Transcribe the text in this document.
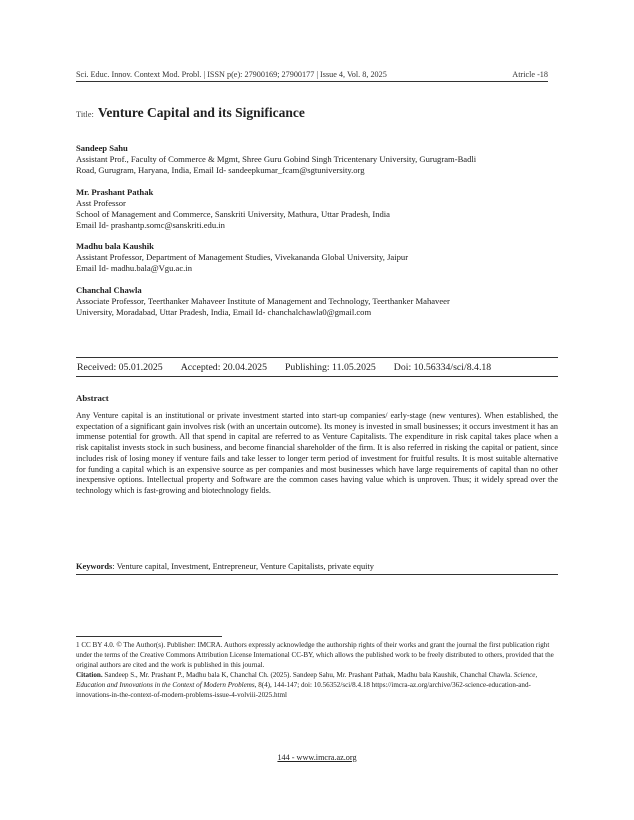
Sci. Educ. Innov. Context Mod. Probl. | ISSN p(e): 27900169; 27900177 | Issue 4, Vol. 8, 2025	Atricle -18
Title: Venture Capital and its Significance
Sandeep Sahu
Assistant Prof., Faculty of Commerce & Mgmt, Shree Guru Gobind Singh Tricentenary University, Gurugram-Badli
Road, Gurugram, Haryana, India, Email Id- sandeepkumar_fcam@sgtuniversity.org
Mr. Prashant Pathak
Asst Professor
School of Management and Commerce, Sanskriti University, Mathura, Uttar Pradesh, India
Email Id- prashantp.somc@sanskriti.edu.in
Madhu bala Kaushik
Assistant Professor, Department of Management Studies, Vivekananda Global University, Jaipur
Email Id- madhu.bala@Vgu.ac.in
Chanchal Chawla
Associate Professor, Teerthanker Mahaveer Institute of Management and Technology, Teerthanker Mahaveer
University, Moradabad, Uttar Pradesh, India, Email Id- chanchalchawla0@gmail.com
Received: 05.01.2025 Accepted: 20.04.2025 Publishing: 11.05.2025 Doi: 10.56334/sci/8.4.18
Abstract
Any Venture capital is an institutional or private investment started into start-up companies/ early-stage (new ventures). When established, the expectation of a significant gain involves risk (with an uncertain outcome). Its money is invested in small businesses; it occurs investment it has an immense potential for growth. All that spend in capital are referred to as Venture Capitalists. The expenditure in risk capital takes place when a risk capitalist invests stock in such business, and become financial shareholder of the firm. It is also referred in risking the capital or patient, since includes risk of losing money if venture fails and take lesser to longer term period of investment for fruitful results. It is most suitable alternative for funding a capital which is an expensive source as per companies and most businesses which have large requirements of capital than no other inexpensive options. Intellectual property and Software are the common cases having value which is unproven. Thus; it widely spread over the technology which is fast-growing and biotechnology fields.
Keywords: Venture capital, Investment, Entrepreneur, Venture Capitalists, private equity
1 CC BY 4.0. © The Author(s). Publisher: IMCRA. Authors expressly acknowledge the authorship rights of their works and grant the journal the first publication right under the terms of the Creative Commons Attribution License International CC-BY, which allows the published work to be freely distributed to others, provided that the original authors are cited and the work is published in this journal.
Citation. Sandeep S., Mr. Prashant P., Madhu bala K, Chanchal Ch. (2025). Sandeep Sahu, Mr. Prashant Pathak, Madhu bala Kaushik, Chanchal Chawla. Science, Education and Innovations in the Context of Modern Problems, 8(4), 144-147; doi: 10.56352/sci/8.4.18 https://imcra-az.org/archive/362-science-education-and-innovations-in-the-context-of-modern-problems-issue-4-volviii-2025.html
144 - www.imcra.az.org
